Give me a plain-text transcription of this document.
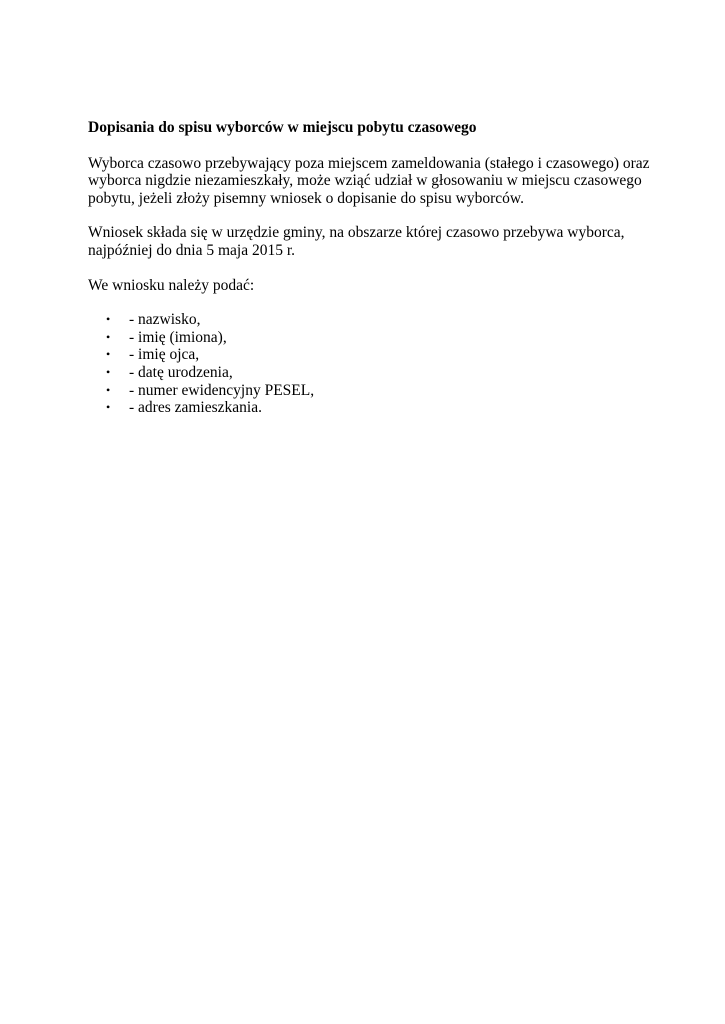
Dopisania do spisu wyborców w miejscu pobytu czasowego
Wyborca czasowo przebywający poza miejscem zameldowania (stałego i czasowego) oraz
wyborca nigdzie niezamieszkały, może wziąć udział w głosowaniu w miejscu czasowego
pobytu, jeżeli złoży pisemny wniosek o dopisanie do spisu wyborców.
Wniosek składa się w urzędzie gminy, na obszarze której czasowo przebywa wyborca,
najpóźniej do dnia 5 maja 2015 r.
We wniosku należy podać:
• - nazwisko,
• - imię (imiona),
• - imię ojca,
• - datę urodzenia,
• - numer ewidencyjny PESEL,
• - adres zamieszkania.
